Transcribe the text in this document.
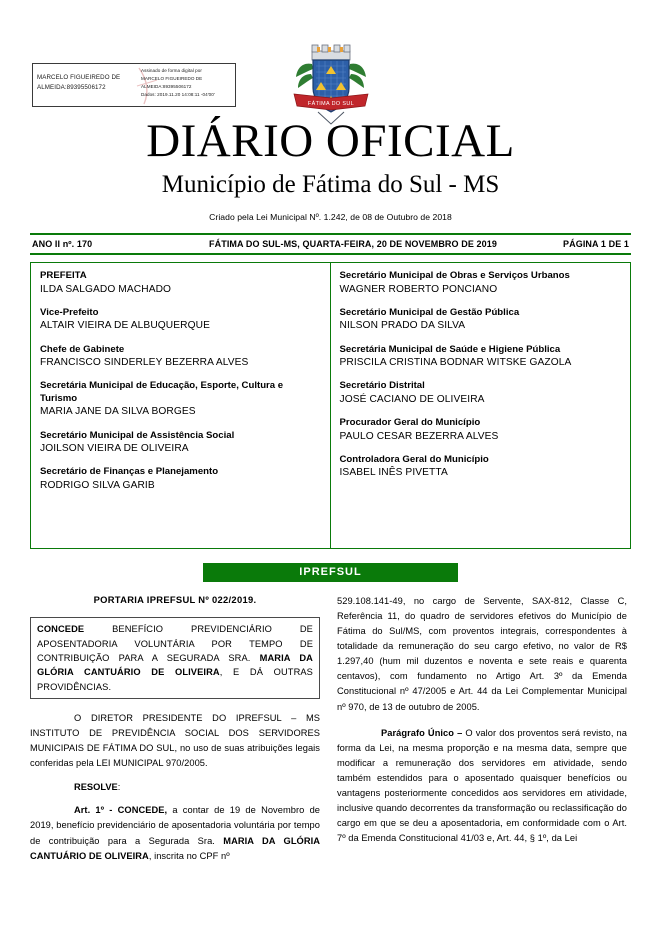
MARCELO FIGUEIREDO DE
ALMEIDA:89395506172
Assinado de forma digital por
MARCELO FIGUEIREDO DE
ALMEIDA:89395506172
Dados: 2019.11.20 14:08:11 -04'00'
FÁTIMA DO SUL
DIÁRIO OFICIAL
Município de Fátima do Sul - MS
Criado pela Lei Municipal Nº. 1.242, de 08 de Outubro de 2018
ANO II nº. 170	FÁTIMA DO SUL-MS, QUARTA-FEIRA, 20 DE NOVEMBRO DE 2019	PÁGINA 1 DE 1
PREFEITA
ILDA SALGADO MACHADO
Vice-Prefeito
ALTAIR VIEIRA DE ALBUQUERQUE
Chefe de Gabinete
FRANCISCO SINDERLEY BEZERRA ALVES
Secretária Municipal de Educação, Esporte, Cultura e Turismo
MARIA JANE DA SILVA BORGES
Secretário Municipal de Assistência Social
JOILSON VIEIRA DE OLIVEIRA
Secretário de Finanças e Planejamento
RODRIGO SILVA GARIB
Secretário Municipal de Obras e Serviços Urbanos
WAGNER ROBERTO PONCIANO
Secretário Municipal de Gestão Pública
NILSON PRADO DA SILVA
Secretária Municipal de Saúde e Higiene Pública
PRISCILA CRISTINA BODNAR WITSKE GAZOLA
Secretário Distrital
JOSÉ CACIANO DE OLIVEIRA
Procurador Geral do Município
PAULO CESAR BEZERRA ALVES
Controladora Geral do Município
ISABEL INÊS PIVETTA
IPREFSUL
PORTARIA IPREFSUL Nº 022/2019.
CONCEDE BENEFÍCIO PREVIDENCIÁRIO DE APOSENTADORIA VOLUNTÁRIA POR TEMPO DE CONTRIBUIÇÃO PARA A SEGURADA SRA. MARIA DA GLÓRIA CANTUÁRIO DE OLIVEIRA, E DÁ OUTRAS PROVIDÊNCIAS.

O DIRETOR PRESIDENTE DO IPREFSUL – MS INSTITUTO DE PREVIDÊNCIA SOCIAL DOS SERVIDORES MUNICIPAIS DE FÁTIMA DO SUL, no uso de suas atribuições legais conferidas pela LEI MUNICIPAL 970/2005.

RESOLVE:

Art. 1º - CONCEDE, a contar de 19 de Novembro de 2019, benefício previdenciário de aposentadoria voluntária por tempo de contribuição para a Segurada Sra. MARIA DA GLÓRIA CANTUÁRIO DE OLIVEIRA, inscrita no CPF nº

529.108.141-49, no cargo de Servente, SAX-812, Classe C, Referência 11, do quadro de servidores efetivos do Município de Fátima do Sul/MS, com proventos integrais, correspondentes à totalidade da remuneração do seu cargo efetivo, no valor de R$ 1.297,40 (hum mil duzentos e noventa e sete reais e quarenta centavos), com fundamento no Artigo Art. 3º da Emenda Constitucional nº 47/2005 e Art. 44 da Lei Complementar Municipal nº 970, de 13 de outubro de 2005.

Parágrafo Único – O valor dos proventos será revisto, na forma da Lei, na mesma proporção e na mesma data, sempre que modificar a remuneração dos servidores em atividade, sendo também estendidos para o aposentado quaisquer benefícios ou vantagens posteriormente concedidos aos servidores em atividade, inclusive quando decorrentes da transformação ou reclassificação do cargo em que se deu a aposentadoria, em conformidade com o Art. 7º da Emenda Constitucional 41/03 e, Art. 44, § 1º, da Lei
